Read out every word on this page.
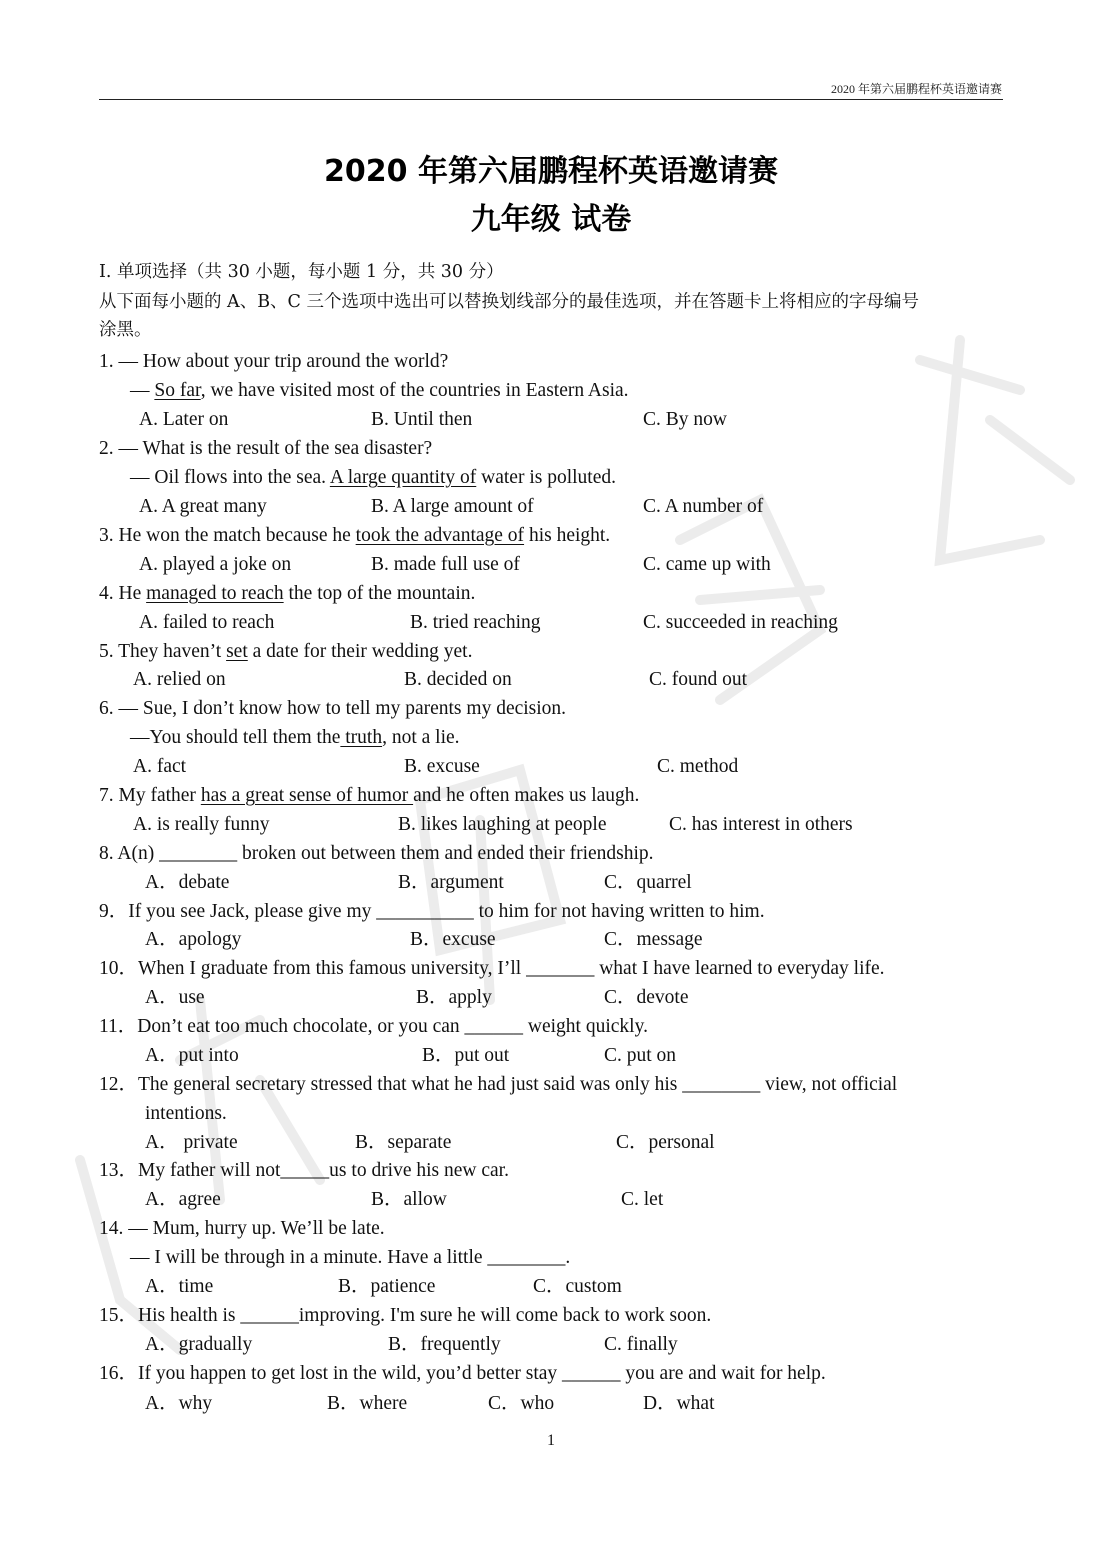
2020 年第六届鹏程杯英语邀请赛
2020 年第六届鹏程杯英语邀请赛
九年级 试卷
I. 单项选择（共 30 小题，每小题 1 分，共 30 分）
从下面每小题的 A、B、C 三个选项中选出可以替换划线部分的最佳选项，并在答题卡上将相应的字母编号
涂黑。
1. — How about your trip around the world?
— So far, we have visited most of the countries in Eastern Asia.
A. Later on	B. Until then	C. By now
2. — What is the result of the sea disaster?
— Oil flows into the sea. A large quantity of water is polluted.
A. A great many	B. A large amount of	C. A number of
3. He won the match because he took the advantage of his height.
A. played a joke on	B. made full use of	C. came up with
4. He managed to reach the top of the mountain.
A. failed to reach	B. tried reaching	C. succeeded in reaching
5. They haven’t set a date for their wedding yet.
A. relied on	B. decided on	C. found out
6. — Sue, I don’t know how to tell my parents my decision.
—You should tell them the truth, not a lie.
A. fact	B. excuse	C. method
7. My father has a great sense of humor and he often makes us laugh.
A. is really funny	B. likes laughing at people	C. has interest in others
8. A(n) ________ broken out between them and ended their friendship.
A．debate	B．argument	C．quarrel
9．If you see Jack, please give my __________ to him for not having written to him.
A．apology	B．excuse	C．message
10．When I graduate from this famous university, I’ll _______ what I have learned to everyday life.
A．use	B．apply	C．devote
11．Don’t eat too much chocolate, or you can ______ weight quickly.
A．put into	B．put out	C. put on
12．The general secretary stressed that what he had just said was only his ________ view, not official
intentions.
A． private	B．separate	C．personal
13．My father will not_____us to drive his new car.
A．agree	B．allow	C. let
14. — Mum, hurry up. We’ll be late.
— I will be through in a minute. Have a little ________.
A．time	B．patience	C．custom
15．His health is ______improving. I'm sure he will come back to work soon.
A．gradually	B．frequently	C. finally
16．If you happen to get lost in the wild, you’d better stay ______ you are and wait for help.
A．why	B．where	C．who	D．what
1
